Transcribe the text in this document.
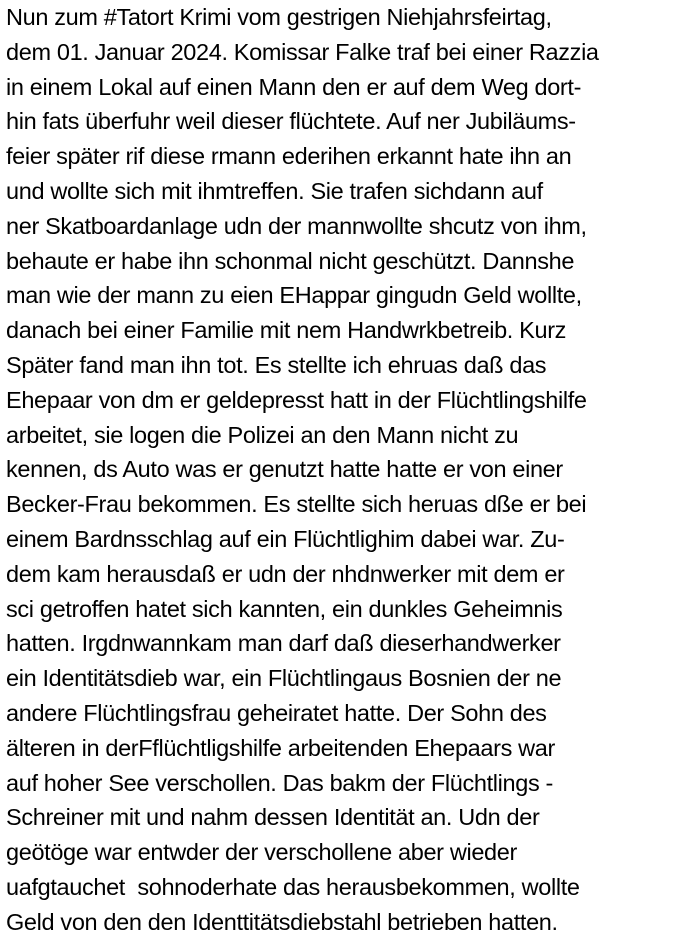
Nun zum #Tatort Krimi vom gestrigen Niehjahrsfeirtag,
dem 01. Januar 2024. Komissar Falke traf bei einer Razzia
in einem Lokal auf einen Mann den er auf dem Weg dort-
hin fats überfuhr weil dieser flüchtete. Auf ner Jubiläums-
feier später rif diese rmann ederihen erkannt hate ihn an
und wollte sich mit ihmtreffen. Sie trafen sichdann auf
ner Skatboardanlage udn der mannwollte shcutz von ihm,
behaute er habe ihn schonmal nicht geschützt. Dannshe
man wie der mann zu eien EHappar gingudn Geld wollte,
danach bei einer Familie mit nem Handwrkbetreib. Kurz
Später fand man ihn tot. Es stellte ich ehruas daß das
Ehepaar von dm er geldepresst hatt in der Flüchtlingshilfe
arbeitet, sie logen die Polizei an den Mann nicht zu
kennen, ds Auto was er genutzt hatte hatte er von einer
Becker-Frau bekommen. Es stellte sich heruas dße er bei
einem Bardnsschlag auf ein Flüchtlighim dabei war. Zu-
dem kam herausdaß er udn der nhdnwerker mit dem er
sci getroffen hatet sich kannten, ein dunkles Geheimnis
hatten. Irgdnwannkam man darf daß dieserhandwerker
ein Identitätsdieb war, ein Flüchtlingaus Bosnien der ne
andere Flüchtlingsfrau geheiratet hatte. Der Sohn des
älteren in derFflüchtligshilfe arbeitenden Ehepaars war
auf hoher See verschollen. Das bakm der Flüchtlings -
Schreiner mit und nahm dessen Identität an. Udn der
geötöge war entwder der verschollene aber wieder
uafgtauchet  sohnoderhate das herausbekommen, wollte
Geld von den den Identtitätsdiebstahl betrieben hatten.
